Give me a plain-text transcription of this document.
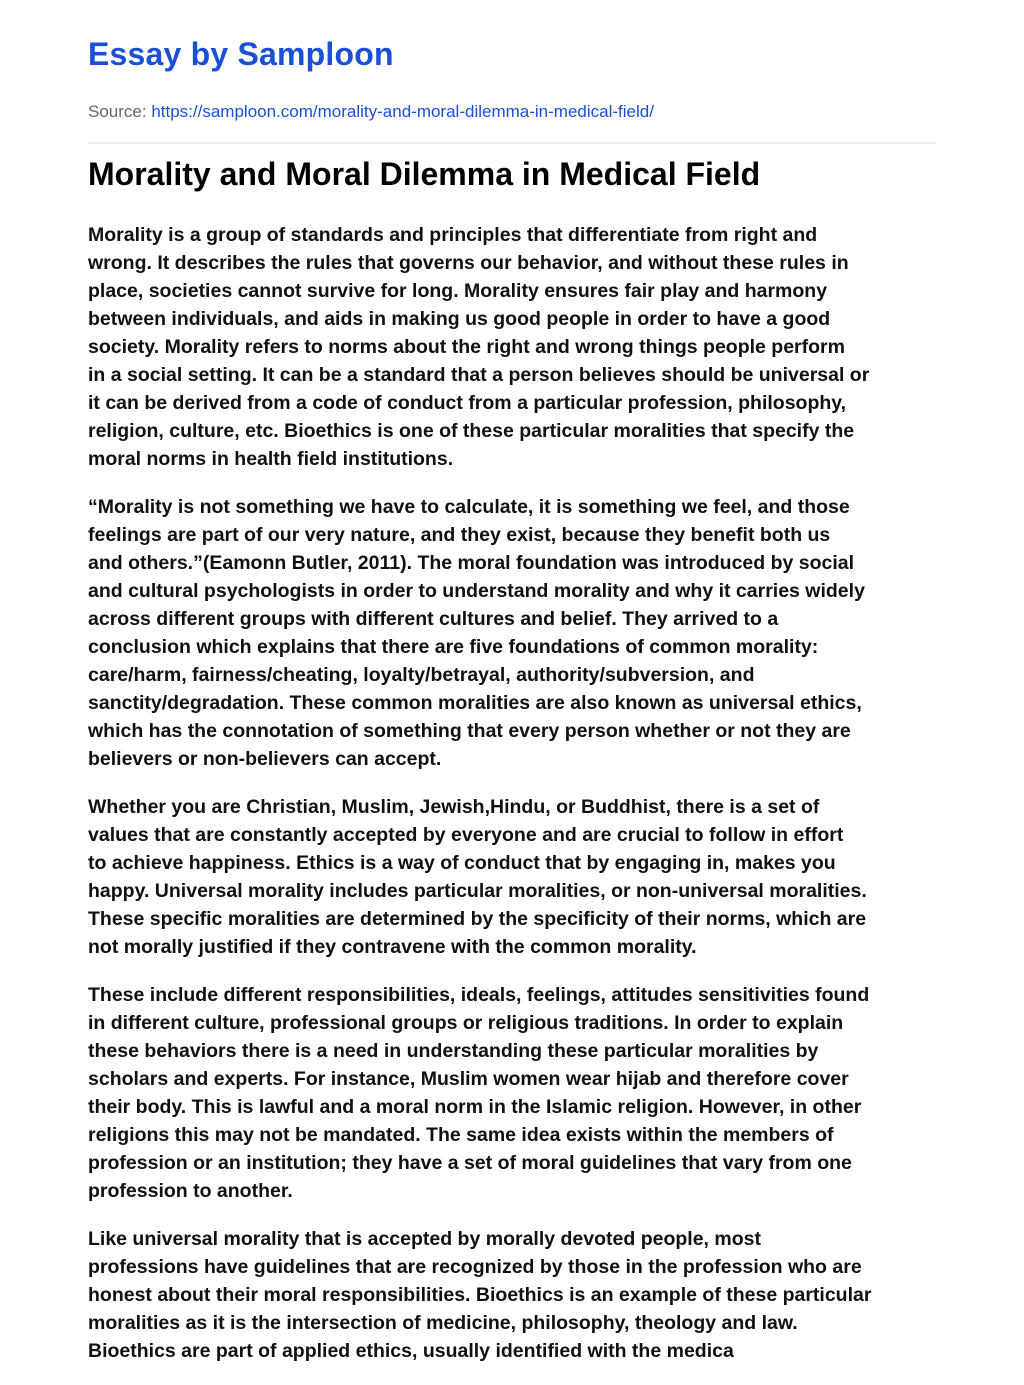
Essay by Samploon
Source: https://samploon.com/morality-and-moral-dilemma-in-medical-field/
Morality and Moral Dilemma in Medical Field

Morality is a group of standards and principles that differentiate from right and
wrong. It describes the rules that governs our behavior, and without these rules in
place, societies cannot survive for long. Morality ensures fair play and harmony
between individuals, and aids in making us good people in order to have a good
society. Morality refers to norms about the right and wrong things people perform
in a social setting. It can be a standard that a person believes should be universal or
it can be derived from a code of conduct from a particular profession, philosophy,
religion, culture, etc. Bioethics is one of these particular moralities that specify the
moral norms in health field institutions.

“Morality is not something we have to calculate, it is something we feel, and those
feelings are part of our very nature, and they exist, because they benefit both us
and others.”(Eamonn Butler, 2011). The moral foundation was introduced by social
and cultural psychologists in order to understand morality and why it carries widely
across different groups with different cultures and belief. They arrived to a
conclusion which explains that there are five foundations of common morality:
care/harm, fairness/cheating, loyalty/betrayal, authority/subversion, and
sanctity/degradation. These common moralities are also known as universal ethics,
which has the connotation of something that every person whether or not they are
believers or non-believers can accept.

Whether you are Christian, Muslim, Jewish,Hindu, or Buddhist, there is a set of
values that are constantly accepted by everyone and are crucial to follow in effort
to achieve happiness. Ethics is a way of conduct that by engaging in, makes you
happy. Universal morality includes particular moralities, or non-universal moralities.
These specific moralities are determined by the specificity of their norms, which are
not morally justified if they contravene with the common morality.

These include different responsibilities, ideals, feelings, attitudes sensitivities found
in different culture, professional groups or religious traditions. In order to explain
these behaviors there is a need in understanding these particular moralities by
scholars and experts. For instance, Muslim women wear hijab and therefore cover
their body. This is lawful and a moral norm in the Islamic religion. However, in other
religions this may not be mandated. The same idea exists within the members of
profession or an institution; they have a set of moral guidelines that vary from one
profession to another.

Like universal morality that is accepted by morally devoted people, most
professions have guidelines that are recognized by those in the profession who are
honest about their moral responsibilities. Bioethics is an example of these particular
moralities as it is the intersection of medicine, philosophy, theology and law.
Bioethics are part of applied ethics, usually identified with the medica
